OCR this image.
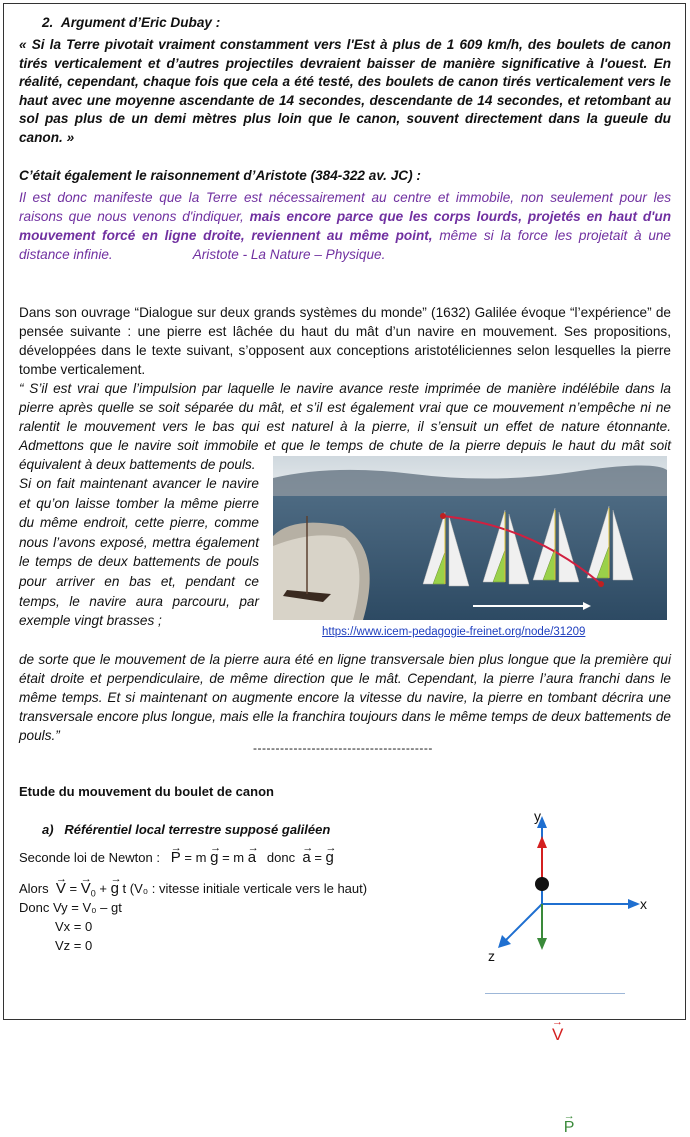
2. Argument d’Eric Dubay :
« Si la Terre pivotait vraiment constamment vers l'Est à plus de 1 609 km/h, des boulets de canon tirés verticalement et d’autres projectiles devraient baisser de manière significative à l'ouest. En réalité, cependant, chaque fois que cela a été testé, des boulets de canon tirés verticalement vers le haut avec une moyenne ascendante de 14 secondes, descendante de 14 secondes, et retombant au sol pas plus de un demi mètres plus loin que le canon, souvent directement dans la gueule du canon. »
C’était également le raisonnement d’Aristote (384-322 av. JC) :
Il est donc manifeste que la Terre est nécessairement au centre et immobile, non seulement pour les raisons que nous venons d'indiquer, mais encore parce que les corps lourds, projetés en haut d'un mouvement forcé en ligne droite, reviennent au même point, même si la force les projetait à une distance infinie.	Aristote - La Nature – Physique.
Dans son ouvrage “Dialogue sur deux grands systèmes du monde” (1632) Galilée évoque “l’expérience” de pensée suivante : une pierre est lâchée du haut du mât d’un navire en mouvement. Ses propositions, développées dans le texte suivant, s’opposent aux conceptions aristotéliciennes selon lesquelles la pierre tombe verticalement.
“ S’il est vrai que l’impulsion par laquelle le navire avance reste imprimée de manière indélébile dans la pierre après quelle se soit séparée du mât, et s’il est également vrai que ce mouvement n’empêche ni ne ralentit le mouvement vers le bas qui est naturel à la pierre, il s’ensuit un effet de nature étonnante. Admettons que le navire soit immobile et que le temps de chute de la pierre depuis le haut du mât soit équivalent à deux battements de pouls.
Si on fait maintenant avancer le navire et qu’on laisse tomber la même pierre du même endroit, cette pierre, comme nous l’avons exposé, mettra également le temps de deux battements de pouls pour arriver en bas et, pendant ce temps, le navire aura parcouru, par exemple vingt brasses ;
https://www.icem-pedagogie-freinet.org/node/31209
de sorte que le mouvement de la pierre aura été en ligne transversale bien plus longue que la première qui était droite et perpendiculaire, de même direction que le mât. Cependant, la pierre l’aura franchi dans le même temps. Et si maintenant on augmente encore la vitesse du navire, la pierre en tombant décrira une transversale encore plus longue, mais elle la franchira toujours dans le même temps de deux battements de pouls.”
----------------------------------------
Etude du mouvement du boulet de canon
a) Référentiel local terrestre supposé galiléen
Seconde loi de Newton : → P = m → g = m → a donc → a = → g
Alors → V = → $V_0$ + → g t (V₀ : vitesse initiale verticale vers le haut)
Donc Vy = V₀ – gt
Vx = 0
Vz = 0

y
x
z
→ V → P
